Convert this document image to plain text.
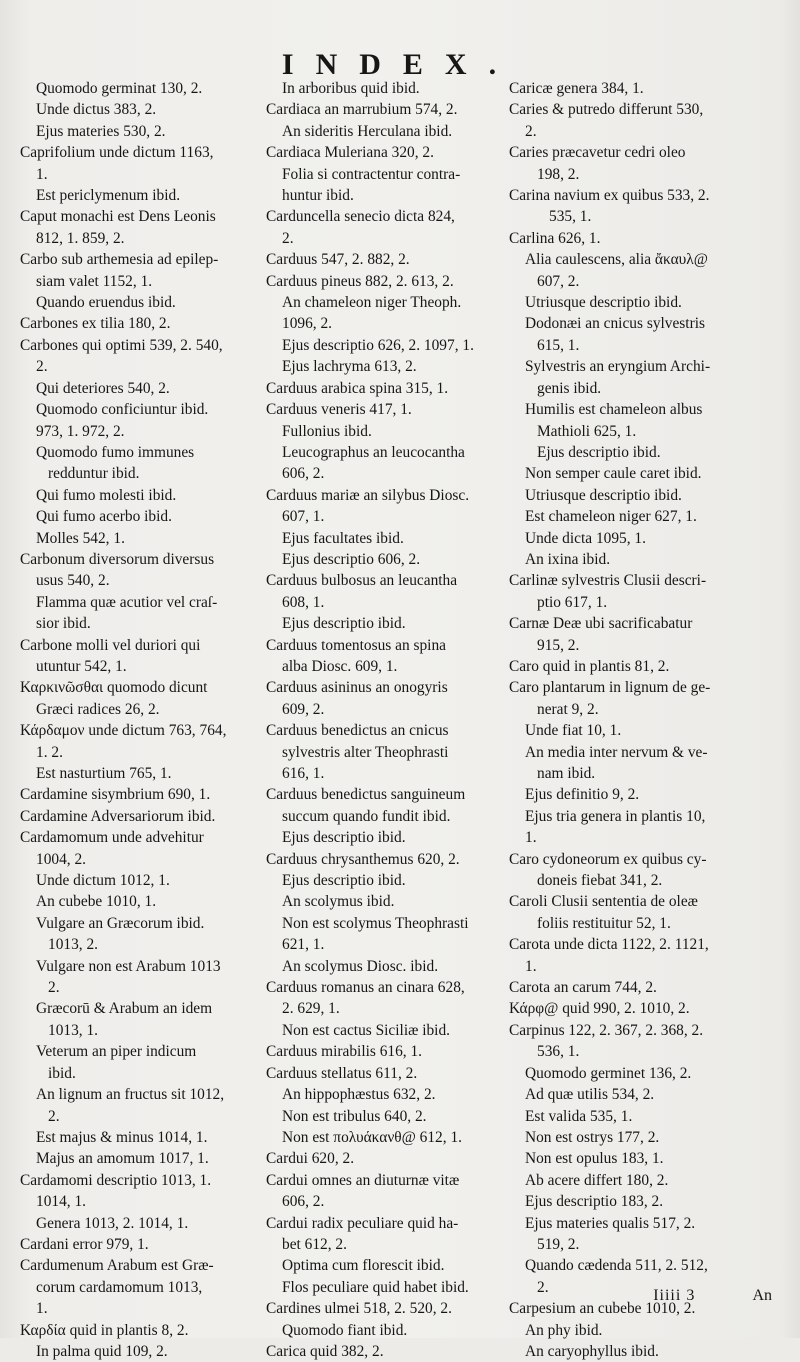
INDEX.
Quomodo germinat 130, 2.
Unde dictus 383, 2.
Ejus materies 530, 2.
Caprifolium unde dictum 1163,
1.
Est periclymenum ibid.
Caput monachi est Dens Leonis
812, 1. 859, 2.
Carbo sub arthemesia ad epilep-
siam valet 1152, 1.
Quando eruendus ibid.
Carbones ex tilia 180, 2.
Carbones qui optimi 539, 2. 540,
2.
Qui deteriores 540, 2.
Quomodo conficiuntur ibid.
973, 1. 972, 2.
Quomodo fumo immunes
redduntur ibid.
Qui fumo molesti ibid.
Qui fumo acerbo ibid.
Molles 542, 1.
Carbonum diversorum diversus
usus 540, 2.
Flamma quæ acutior vel craſ-
sior ibid.
Carbone molli vel duriori qui
utuntur 542, 1.
Καρκινῶσθαι quomodo dicunt
Græci radices 26, 2.
Κάρδαμον unde dictum 763, 764,
1. 2.
Est nasturtium 765, 1.
Cardamine sisymbrium 690, 1.
Cardamine Adversariorum ibid.
Cardamomum unde advehitur
1004, 2.
Unde dictum 1012, 1.
An cubebe 1010, 1.
Vulgare an Græcorum ibid.
1013, 2.
Vulgare non est Arabum 1013
2.
Græcorū & Arabum an idem
1013, 1.
Veterum an piper indicum
ibid.
An lignum an fructus sit 1012,
2.
Est majus & minus 1014, 1.
Majus an amomum 1017, 1.
Cardamomi descriptio 1013, 1.
1014, 1.
Genera 1013, 2. 1014, 1.
Cardani error 979, 1.
Cardumenum Arabum est Græ-
corum cardamomum 1013,
1.
Καρδία quid in plantis 8, 2.
In palma quid 109, 2.
In arboribus quid ibid.
Cardiaca an marrubium 574, 2.
An sideritis Herculana ibid.
Cardiaca Muleriana 320, 2.
Folia si contractentur contra-
huntur ibid.
Carduncella senecio dicta 824,
2.
Carduus 547, 2. 882, 2.
Carduus pineus 882, 2. 613, 2.
An chameleon niger Theoph.
1096, 2.
Ejus descriptio 626, 2. 1097, 1.
Ejus lachryma 613, 2.
Carduus arabica spina 315, 1.
Carduus veneris 417, 1.
Fullonius ibid.
Leucographus an leucocantha
606, 2.
Carduus mariæ an silybus Diosc.
607, 1.
Ejus facultates ibid.
Ejus descriptio 606, 2.
Carduus bulbosus an leucantha
608, 1.
Ejus descriptio ibid.
Carduus tomentosus an spina
alba Diosc. 609, 1.
Carduus asininus an onogyris
609, 2.
Carduus benedictus an cnicus
sylvestris alter Theophrasti
616, 1.
Carduus benedictus sanguineum
succum quando fundit ibid.
Ejus descriptio ibid.
Carduus chrysanthemus 620, 2.
Ejus descriptio ibid.
An scolymus ibid.
Non est scolymus Theophrasti
621, 1.
An scolymus Diosc. ibid.
Carduus romanus an cinara 628,
2. 629, 1.
Non est cactus Siciliæ ibid.
Carduus mirabilis 616, 1.
Carduus stellatus 611, 2.
An hippophæstus 632, 2.
Non est tribulus 640, 2.
Non est πολυάκανθ@ 612, 1.
Cardui 620, 2.
Cardui omnes an diuturnæ vitæ
606, 2.
Cardui radix peculiare quid ha-
bet 612, 2.
Optima cum florescit ibid.
Flos peculiare quid habet ibid.
Cardines ulmei 518, 2. 520, 2.
Quomodo fiant ibid.
Carica quid 382, 2.
Caricæ genera 384, 1.
Caries & putredo differunt 530,
2.
Caries præcavetur cedri oleo
198, 2.
Carina navium ex quibus 533, 2.
535, 1.
Carlina 626, 1.
Alia caulescens, alia ἄκαυλ@
607, 2.
Utriusque descriptio ibid.
Dodonæi an cnicus sylvestris
615, 1.
Sylvestris an eryngium Archi-
genis ibid.
Humilis est chameleon albus
Mathioli 625, 1.
Ejus descriptio ibid.
Non semper caule caret ibid.
Utriusque descriptio ibid.
Est chameleon niger 627, 1.
Unde dicta 1095, 1.
An ixina ibid.
Carlinæ sylvestris Clusii descri-
ptio 617, 1.
Carnæ Deæ ubi sacrificabatur
915, 2.
Caro quid in plantis 81, 2.
Caro plantarum in lignum de ge-
nerat 9, 2.
Unde fiat 10, 1.
An media inter nervum & ve-
nam ibid.
Ejus definitio 9, 2.
Ejus tria genera in plantis 10,
1.
Caro cydoneorum ex quibus cy-
doneis fiebat 341, 2.
Caroli Clusii sententia de oleæ
foliis restituitur 52, 1.
Carota unde dicta 1122, 2. 1121,
1.
Carota an carum 744, 2.
Κάρφ@ quid 990, 2. 1010, 2.
Carpinus 122, 2. 367, 2. 368, 2.
536, 1.
Quomodo germinet 136, 2.
Ad quæ utilis 534, 2.
Est valida 535, 1.
Non est ostrys 177, 2.
Non est opulus 183, 1.
Ab acere differt 180, 2.
Ejus descriptio 183, 2.
Ejus materies qualis 517, 2.
519, 2.
Quando cædenda 511, 2. 512,
2.
Carpesium an cubebe 1010, 2.
An phy ibid.
An caryophyllus ibid.
Iiiii 3	An
